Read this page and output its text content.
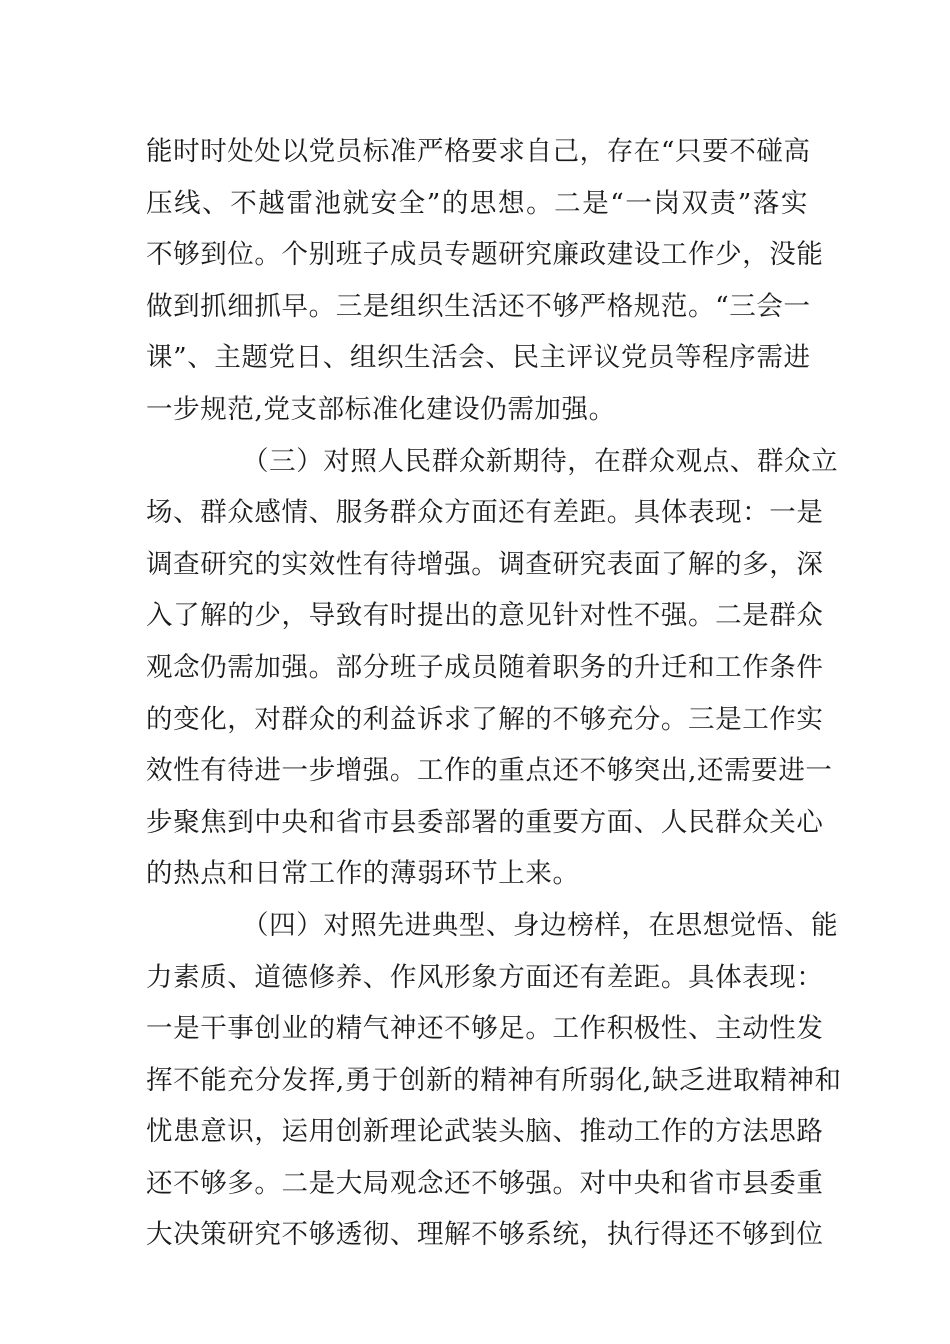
能时时处处以党员标准严格要求自己，存在“只要不碰高
压线、不越雷池就安全”的思想。二是“一岗双责”落实
不够到位。个别班子成员专题研究廉政建设工作少，没能
做到抓细抓早。三是组织生活还不够严格规范。“三会一
课”、主题党日、组织生活会、民主评议党员等程序需进
一步规范,党支部标准化建设仍需加强。
（三）对照人民群众新期待，在群众观点、群众立
场、群众感情、服务群众方面还有差距。具体表现：一是
调查研究的实效性有待增强。调查研究表面了解的多，深
入了解的少，导致有时提出的意见针对性不强。二是群众
观念仍需加强。部分班子成员随着职务的升迁和工作条件
的变化，对群众的利益诉求了解的不够充分。三是工作实
效性有待进一步增强。工作的重点还不够突出,还需要进一
步聚焦到中央和省市县委部署的重要方面、人民群众关心
的热点和日常工作的薄弱环节上来。
（四）对照先进典型、身边榜样，在思想觉悟、能
力素质、道德修养、作风形象方面还有差距。具体表现：
一是干事创业的精气神还不够足。工作积极性、主动性发
挥不能充分发挥,勇于创新的精神有所弱化,缺乏进取精神和
忧患意识，运用创新理论武装头脑、推动工作的方法思路
还不够多。二是大局观念还不够强。对中央和省市县委重
大决策研究不够透彻、理解不够系统，执行得还不够到位
